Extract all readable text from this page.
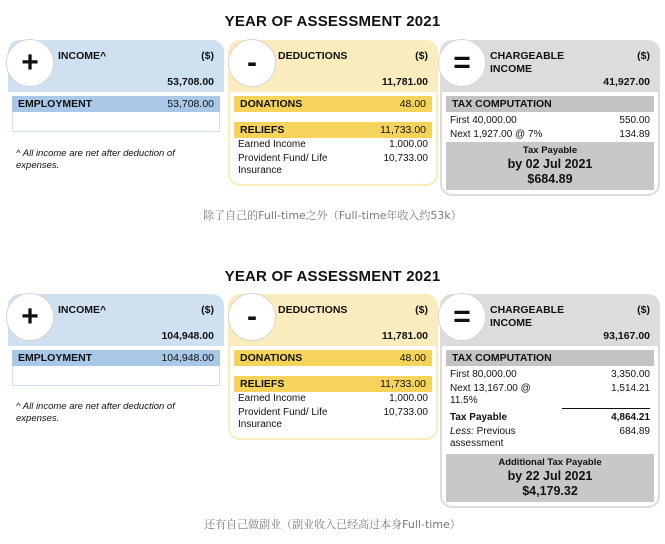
YEAR OF ASSESSMENT 2021
+	INCOME^	($)
53,708.00
EMPLOYMENT	53,708.00
^ All income are net after deduction of expenses.
-	DEDUCTIONS	($)
11,781.00
DONATIONS	48.00
RELIEFS	11,733.00
Earned Income	1,000.00
Provident Fund/ Life Insurance
10,733.00
=	CHARGEABLE INCOME
($)
41,927.00
TAX COMPUTATION
First 40,000.00	550.00
Next 1,927.00 @ 7%	134.89
Tax Payable
by 02 Jul 2021
$684.89
除了自己的Full-time之外（Full-time年收入约53k）
YEAR OF ASSESSMENT 2021
+	INCOME^	($)
104,948.00
EMPLOYMENT	104,948.00
^ All income are net after deduction of expenses.
-	DEDUCTIONS	($)
11,781.00
DONATIONS	48.00
RELIEFS	11,733.00
Earned Income	1,000.00
Provident Fund/ Life Insurance
10,733.00
=	CHARGEABLE INCOME
($)
93,167.00
TAX COMPUTATION
First 80,000.00	3,350.00
Next 13,167.00 @ 11.5%
1,514.21
Tax Payable	4,864.21
Less: Previous assessment
684.89
Additional Tax Payable
by 22 Jul 2021
$4,179.32
还有自己做副业（副业收入已经高过本身Full-time）
